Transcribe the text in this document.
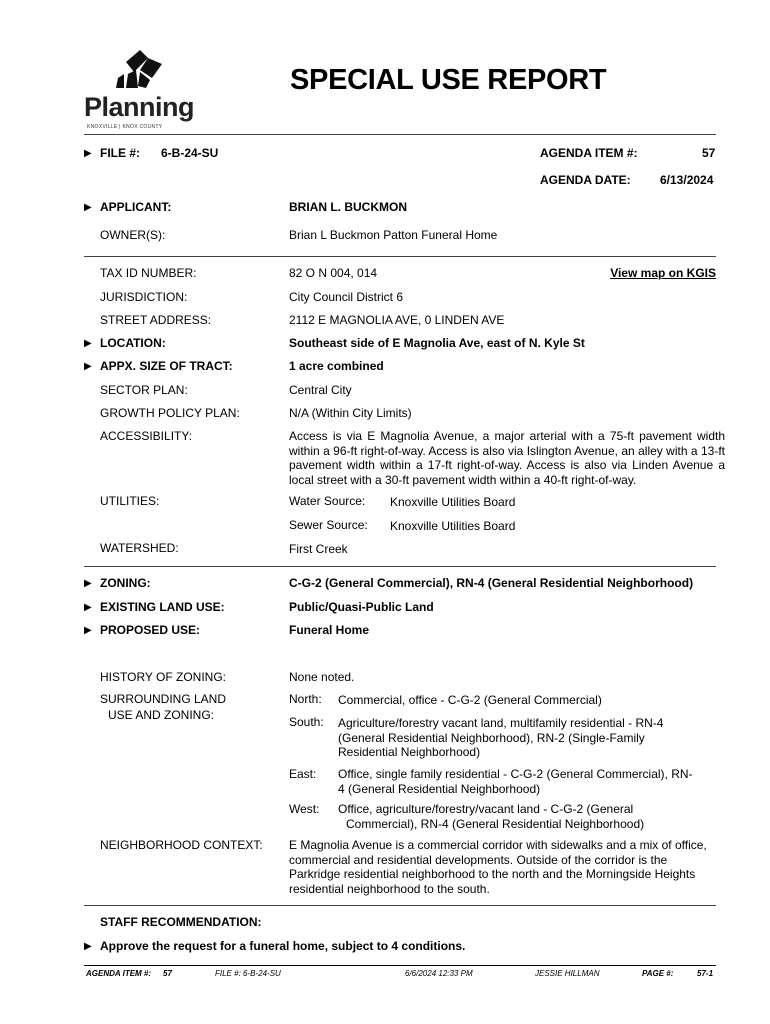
Planning
KNOXVILLE | KNOX COUNTY
SPECIAL USE REPORT
▶ FILE #: 6-B-24-SU	AGENDA ITEM #:	57
AGENDA DATE: 6/13/2024
▶ APPLICANT:	BRIAN L. BUCKMON
OWNER(S):	Brian L Buckmon Patton Funeral Home
TAX ID NUMBER:	82 O N 004, 014	View map on KGIS
JURISDICTION:	City Council District 6
STREET ADDRESS:	2112 E MAGNOLIA AVE, 0 LINDEN AVE
▶ LOCATION:	Southeast side of E Magnolia Ave, east of N. Kyle St
▶ APPX. SIZE OF TRACT:	1 acre combined
SECTOR PLAN:	Central City
GROWTH POLICY PLAN:	N/A (Within City Limits)
ACCESSIBILITY:	Access is via E Magnolia Avenue, a major arterial with a 75-ft pavement width within a 96-ft right-of-way. Access is also via Islington Avenue, an alley with a 13-ft pavement width within a 17-ft right-of-way. Access is also via Linden Avenue a local street with a 30-ft pavement width within a 40-ft right-of-way.
UTILITIES:	Water Source: Knoxville Utilities Board
Sewer Source: Knoxville Utilities Board
WATERSHED:	First Creek
▶ ZONING:	C-G-2 (General Commercial), RN-4 (General Residential Neighborhood)
▶ EXISTING LAND USE:	Public/Quasi-Public Land
▶ PROPOSED USE:	Funeral Home
HISTORY OF ZONING:	None noted.
SURROUNDING LAND
USE AND ZONING:
North: Commercial, office - C-G-2 (General Commercial)
South: Agriculture/forestry vacant land, multifamily residential - RN-4
(General Residential Neighborhood), RN-2 (Single-Family
Residential Neighborhood)
East: Office, single family residential - C-G-2 (General Commercial), RN-
4 (General Residential Neighborhood)
West: Office, agriculture/forestry/vacant land - C-G-2 (General
Commercial), RN-4 (General Residential Neighborhood)
NEIGHBORHOOD CONTEXT: E Magnolia Avenue is a commercial corridor with sidewalks and a mix of office, commercial and residential developments. Outside of the corridor is the Parkridge residential neighborhood to the north and the Morningside Heights residential neighborhood to the south.
STAFF RECOMMENDATION:
▶ Approve the request for a funeral home, subject to 4 conditions.
AGENDA ITEM #: 57	FILE #: 6-B-24-SU	6/6/2024 12:33 PM	JESSIE HILLMAN	PAGE #:	57-1
